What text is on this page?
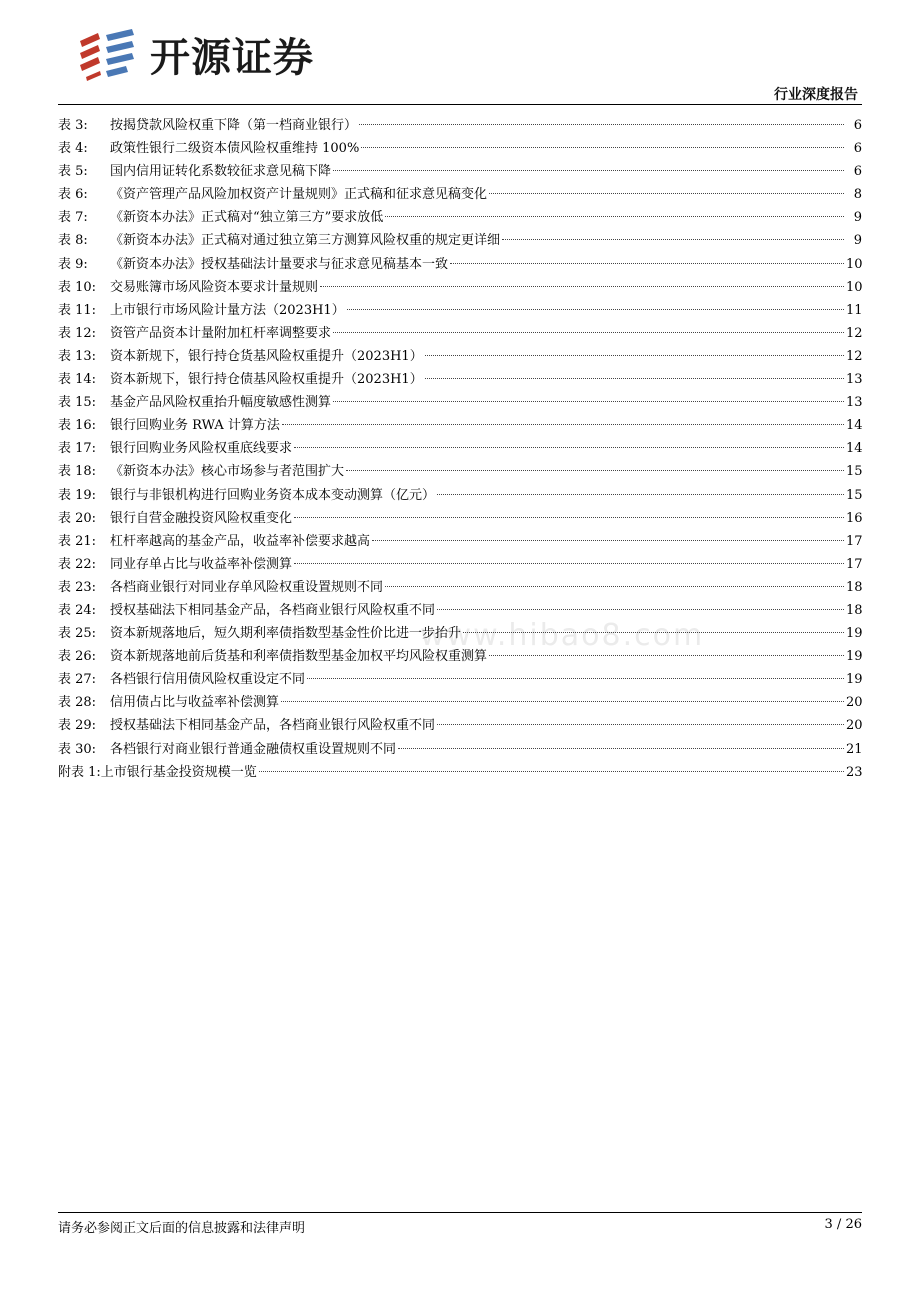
开源证券
行业深度报告
www.hibao8.com
表 3:	按揭贷款风险权重下降（第一档商业银行）	6
表 4:	政策性银行二级资本债风险权重维持 100%	6
表 5:	国内信用证转化系数较征求意见稿下降	6
表 6:	《资产管理产品风险加权资产计量规则》正式稿和征求意见稿变化	8
表 7:	《新资本办法》正式稿对“独立第三方”要求放低	9
表 8:	《新资本办法》正式稿对通过独立第三方测算风险权重的规定更详细	9
表 9:	《新资本办法》授权基础法计量要求与征求意见稿基本一致	10
表 10:	交易账簿市场风险资本要求计量规则	10
表 11:	上市银行市场风险计量方法（2023H1）	11
表 12:	资管产品资本计量附加杠杆率调整要求	12
表 13:	资本新规下，银行持仓货基风险权重提升（2023H1）	12
表 14:	资本新规下，银行持仓债基风险权重提升（2023H1）	13
表 15:	基金产品风险权重抬升幅度敏感性测算	13
表 16:	银行回购业务 RWA 计算方法	14
表 17:	银行回购业务风险权重底线要求	14
表 18:	《新资本办法》核心市场参与者范围扩大	15
表 19:	银行与非银机构进行回购业务资本成本变动测算（亿元）	15
表 20:	银行自营金融投资风险权重变化	16
表 21:	杠杆率越高的基金产品，收益率补偿要求越高	17
表 22:	同业存单占比与收益率补偿测算	17
表 23:	各档商业银行对同业存单风险权重设置规则不同	18
表 24:	授权基础法下相同基金产品，各档商业银行风险权重不同	18
表 25:	资本新规落地后，短久期利率债指数型基金性价比进一步抬升	19
表 26:	资本新规落地前后货基和利率债指数型基金加权平均风险权重测算	19
表 27:	各档银行信用债风险权重设定不同	19
表 28:	信用债占比与收益率补偿测算	20
表 29:	授权基础法下相同基金产品，各档商业银行风险权重不同	20
表 30:	各档银行对商业银行普通金融债权重设置规则不同	21
附表 1: 上市银行基金投资规模一览	23
请务必参阅正文后面的信息披露和法律声明	3 / 26
